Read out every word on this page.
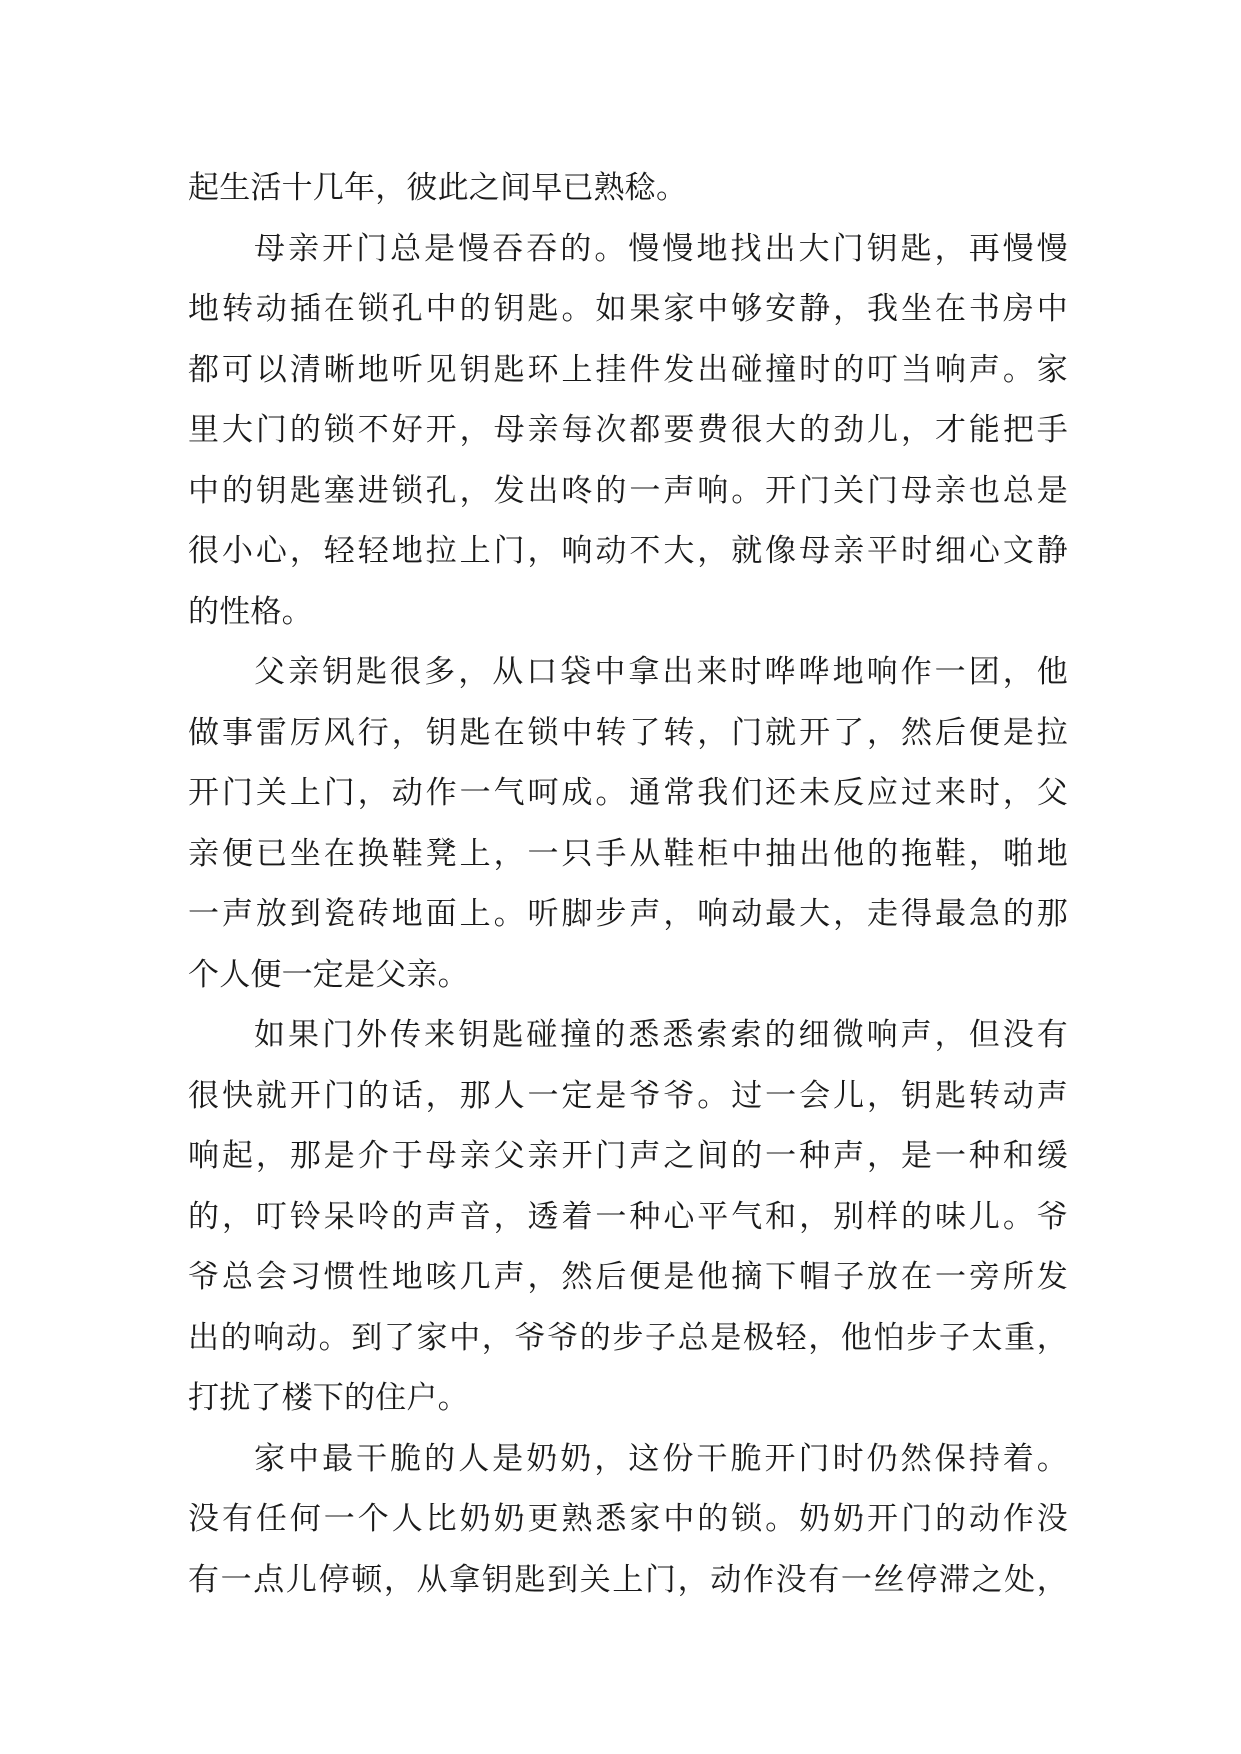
起生活十几年，彼此之间早已熟稔。
母亲开门总是慢吞吞的。慢慢地找出大门钥匙，再慢慢
地转动插在锁孔中的钥匙。如果家中够安静，我坐在书房中
都可以清晰地听见钥匙环上挂件发出碰撞时的叮当响声。家
里大门的锁不好开，母亲每次都要费很大的劲儿，才能把手
中的钥匙塞进锁孔，发出咚的一声响。开门关门母亲也总是
很小心，轻轻地拉上门，响动不大，就像母亲平时细心文静
的性格。
父亲钥匙很多，从口袋中拿出来时哗哗地响作一团，他
做事雷厉风行，钥匙在锁中转了转，门就开了，然后便是拉
开门关上门，动作一气呵成。通常我们还未反应过来时，父
亲便已坐在换鞋凳上，一只手从鞋柜中抽出他的拖鞋，啪地
一声放到瓷砖地面上。听脚步声，响动最大，走得最急的那
个人便一定是父亲。
如果门外传来钥匙碰撞的悉悉索索的细微响声，但没有
很快就开门的话，那人一定是爷爷。过一会儿，钥匙转动声
响起，那是介于母亲父亲开门声之间的一种声，是一种和缓
的，叮铃呆呤的声音，透着一种心平气和，别样的味儿。爷
爷总会习惯性地咳几声，然后便是他摘下帽子放在一旁所发
出的响动。到了家中，爷爷的步子总是极轻，他怕步子太重，
打扰了楼下的住户。
家中最干脆的人是奶奶，这份干脆开门时仍然保持着。
没有任何一个人比奶奶更熟悉家中的锁。奶奶开门的动作没
有一点儿停顿，从拿钥匙到关上门，动作没有一丝停滞之处，
